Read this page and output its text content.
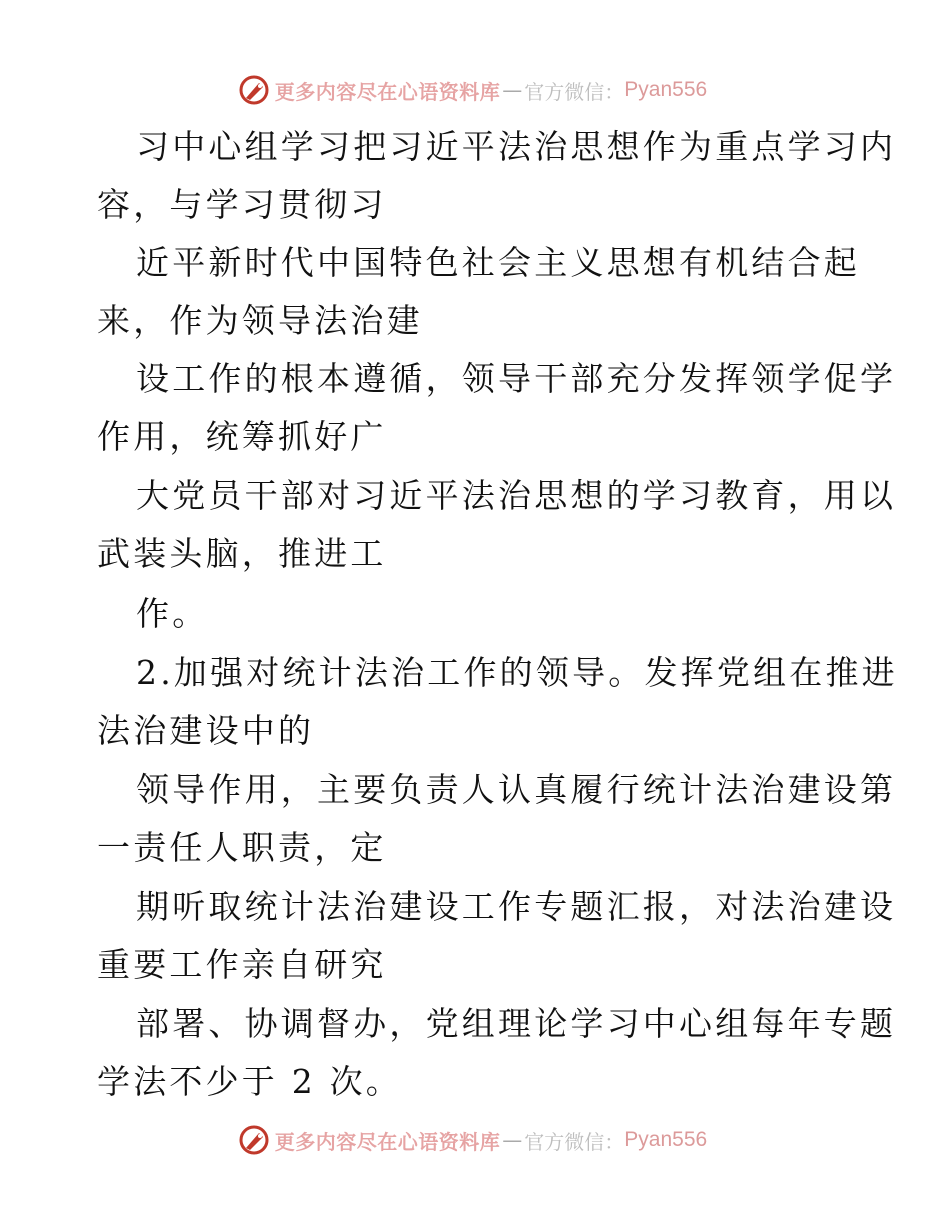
更多内容尽在心语资料库 — 官方微信： Pyan556
习中心组学习把习近平法治思想作为重点学习内
容，与学习贯彻习
近平新时代中国特色社会主义思想有机结合起
来，作为领导法治建
设工作的根本遵循，领导干部充分发挥领学促学
作用，统筹抓好广
大党员干部对习近平法治思想的学习教育，用以
武装头脑，推进工
作。
2.加强对统计法治工作的领导。发挥党组在推进
法治建设中的
领导作用，主要负责人认真履行统计法治建设第
一责任人职责，定
期听取统计法治建设工作专题汇报，对法治建设
重要工作亲自研究
部署、协调督办，党组理论学习中心组每年专题
学法不少于 2 次。
更多内容尽在心语资料库 — 官方微信： Pyan556
